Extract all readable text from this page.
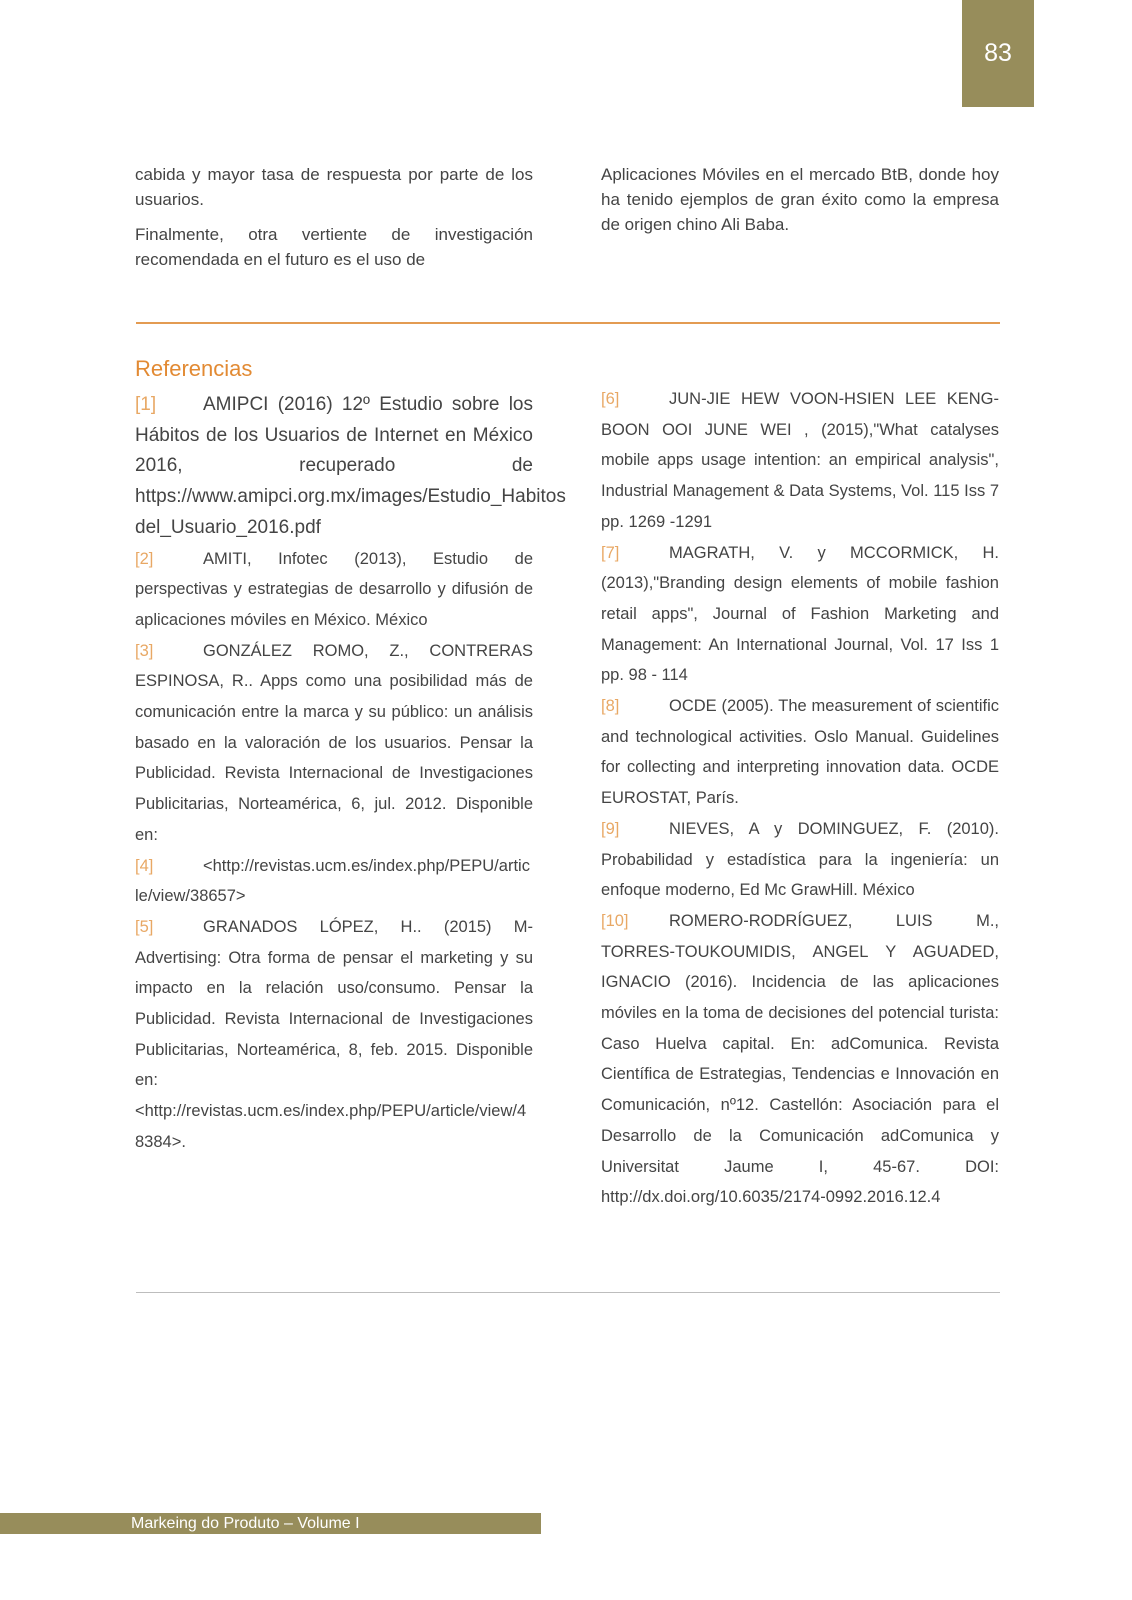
83

cabida y mayor tasa de respuesta por parte de los usuarios.

Finalmente, otra vertiente de investigación recomendada en el futuro es el uso de

Aplicaciones Móviles en el mercado BtB, donde hoy ha tenido ejemplos de gran éxito como la empresa de origen chino Ali Baba.

Referencias

[1] AMIPCI (2016) 12º Estudio sobre los Hábitos de los Usuarios de Internet en México 2016, recuperado de https://www.amipci.org.mx/images/Estudio_Habitos del_Usuario_2016.pdf

[2]	AMITI, Infotec (2013), Estudio de perspectivas y estrategias de desarrollo y difusión de aplicaciones móviles en México. México

[3]	GONZÁLEZ ROMO, Z., CONTRERAS ESPINOSA, R.. Apps como una posibilidad más de comunicación entre la marca y su público: un análisis basado en la valoración de los usuarios. Pensar la Publicidad. Revista Internacional de Investigaciones Publicitarias, Norteamérica, 6, jul. 2012. Disponible en:

[4]	<http://revistas.ucm.es/index.php/PEPU/article/view/38657>

[5]	GRANADOS LÓPEZ, H.. (2015) M-Advertising: Otra forma de pensar el marketing y su impacto en la relación uso/consumo. Pensar la Publicidad. Revista Internacional de Investigaciones Publicitarias, Norteamérica, 8, feb. 2015. Disponible en: <http://revistas.ucm.es/index.php/PEPU/article/view/48384>.

[6]	JUN-JIE HEW VOON-HSIEN LEE KENG-BOON OOI JUNE WEI , (2015),"What catalyses mobile apps usage intention: an empirical analysis", Industrial Management & Data Systems, Vol. 115 Iss 7 pp. 1269 -1291

[7]	MAGRATH, V. y MCCORMICK, H. (2013),"Branding design elements of mobile fashion retail apps", Journal of Fashion Marketing and Management: An International Journal, Vol. 17 Iss 1 pp. 98 - 114

[8]	OCDE (2005). The measurement of scientific and technological activities. Oslo Manual. Guidelines for collecting and interpreting innovation data. OCDE EUROSTAT, París.

[9]	NIEVES, A y DOMINGUEZ, F. (2010). Probabilidad y estadística para la ingeniería: un enfoque moderno, Ed Mc GrawHill. México

[10] ROMERO-RODRÍGUEZ, LUIS M., TORRES-TOUKOUMIDIS, ANGEL Y AGUADED, IGNACIO (2016). Incidencia de las aplicaciones móviles en la toma de decisiones del potencial turista: Caso Huelva capital. En: adComunica. Revista Científica de Estrategias, Tendencias e Innovación en Comunicación, nº12. Castellón: Asociación para el Desarrollo de la Comunicación adComunica y Universitat Jaume I, 45-67. DOI: http://dx.doi.org/10.6035/2174-0992.2016.12.4

Markeing do Produto – Volume I
